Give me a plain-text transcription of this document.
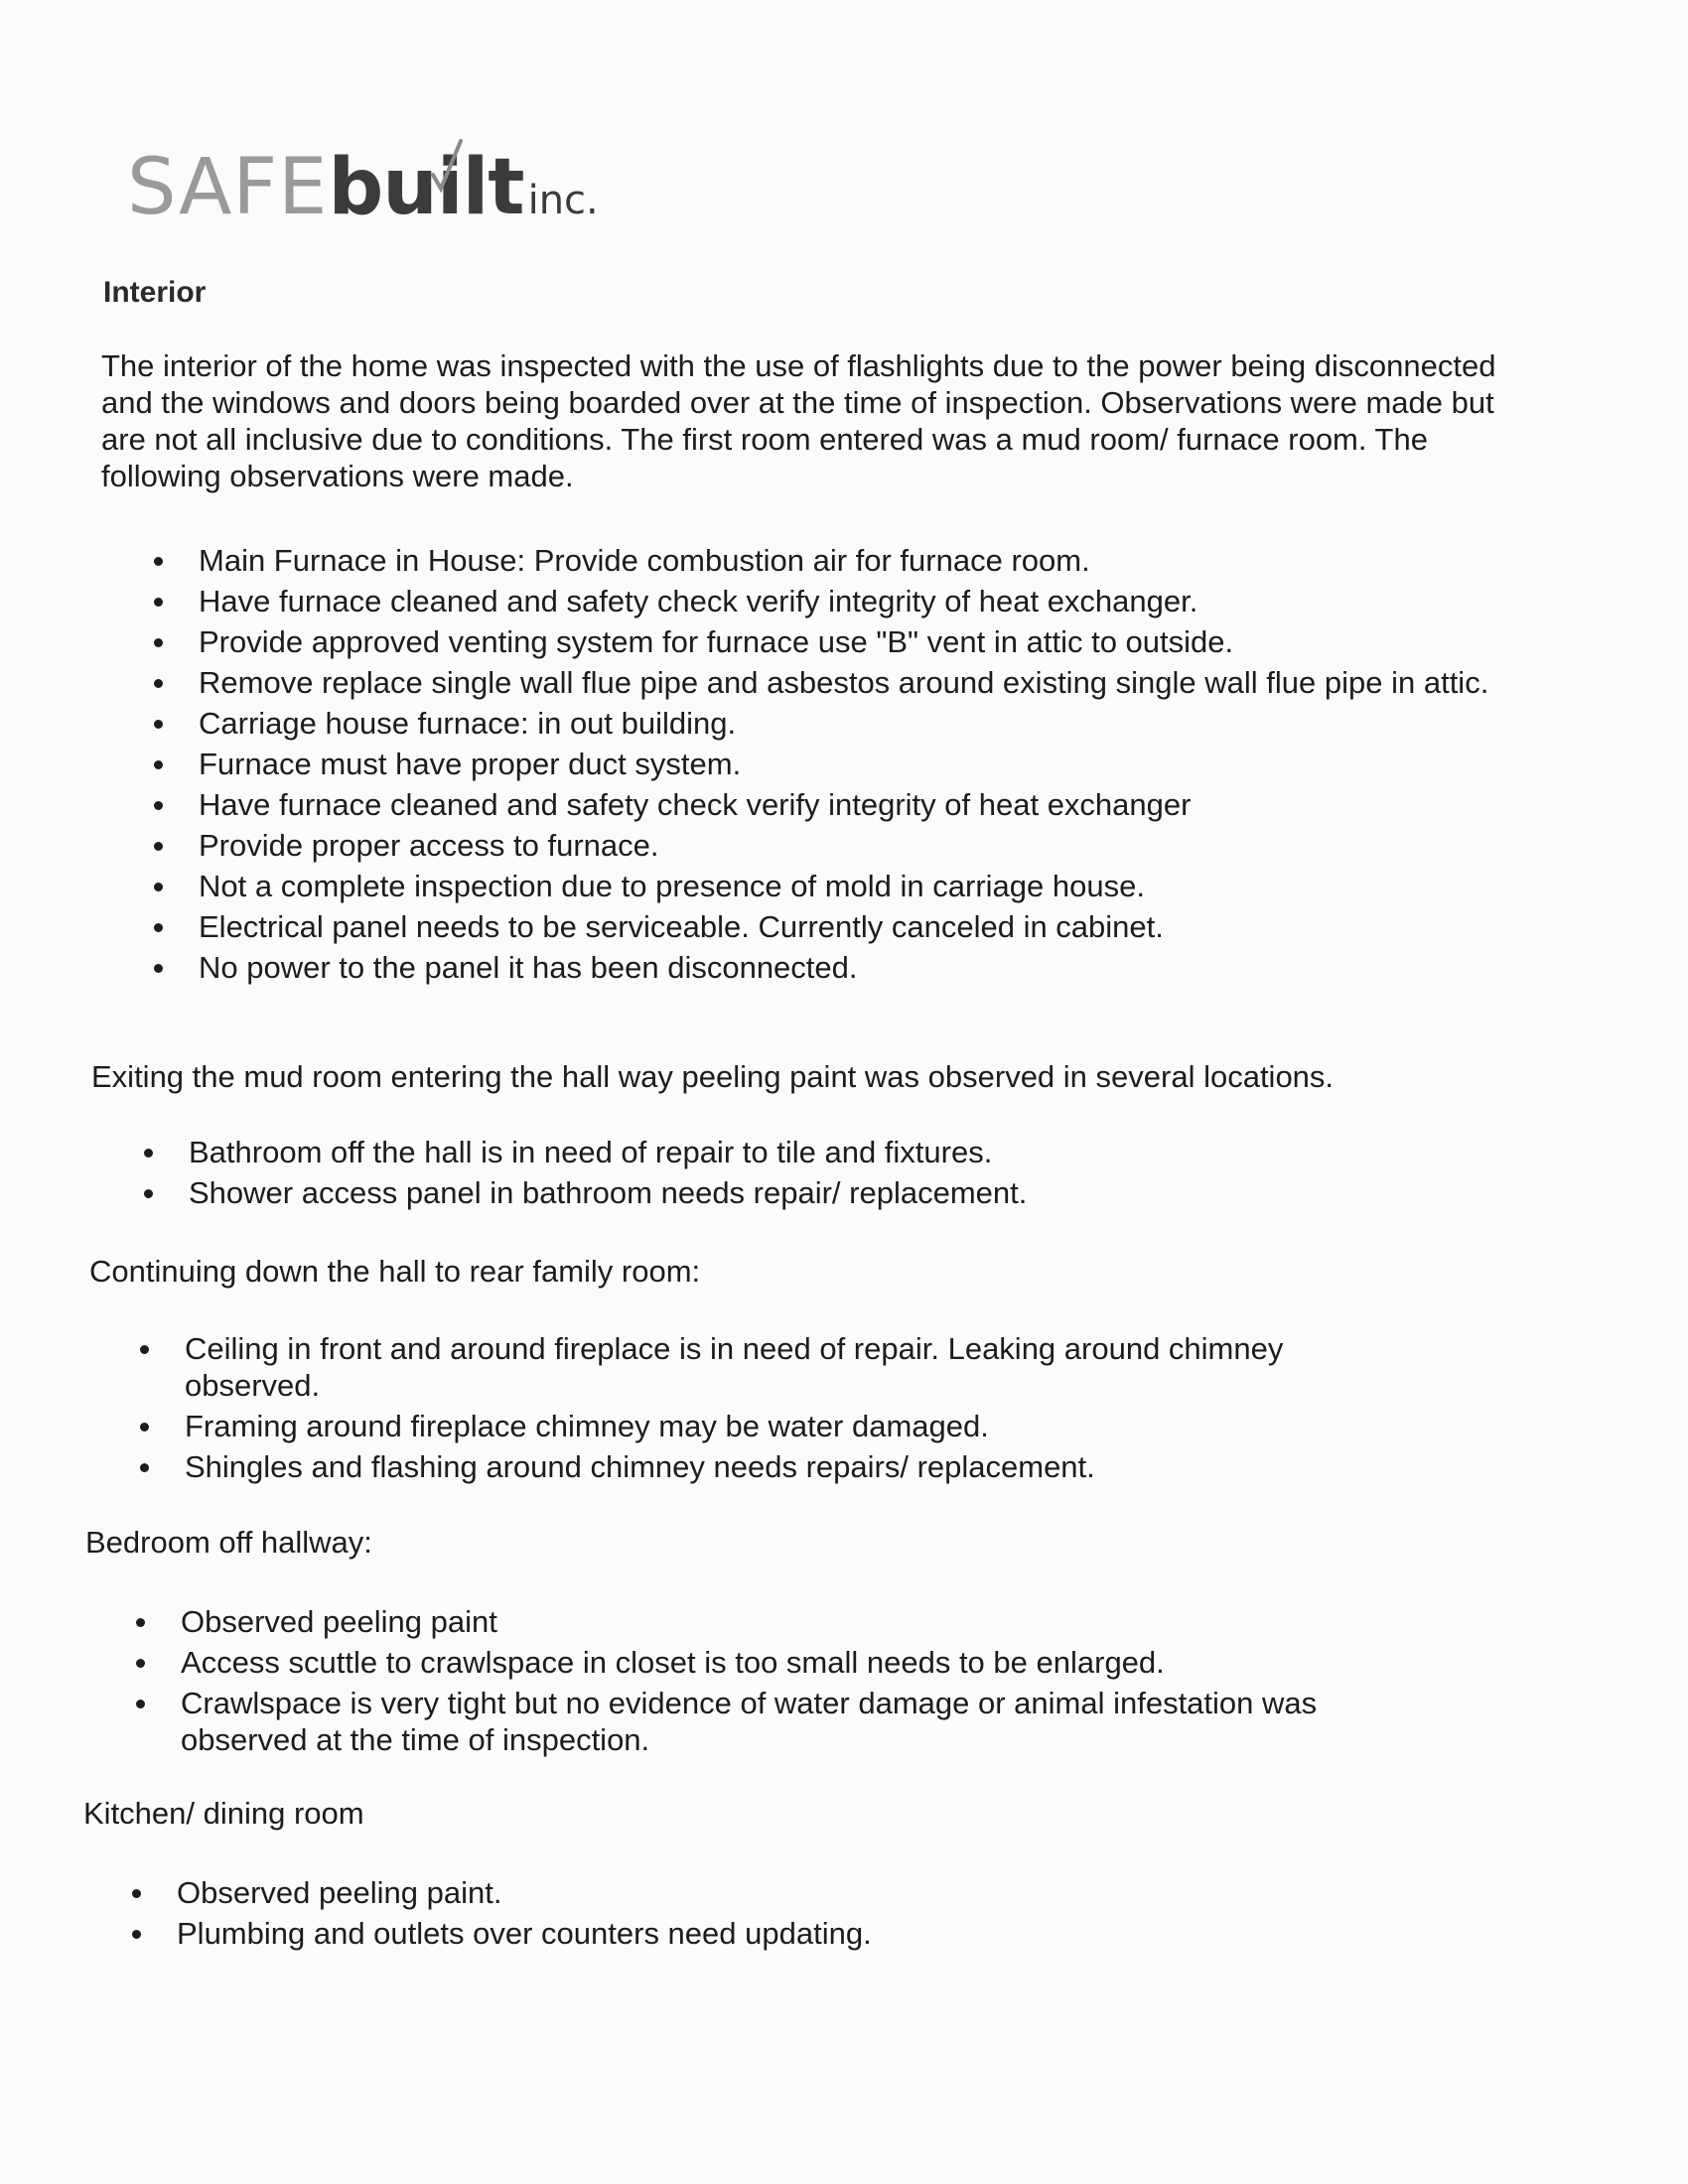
SAFEbuilt inc.
Interior

The interior of the home was inspected with the use of flashlights due to the power being disconnected and the windows and doors being boarded over at the time of inspection. Observations were made but are not all inclusive due to conditions. The first room entered was a mud room/ furnace room. The following observations were made.

Main Furnace in House: Provide combustion air for furnace room.
Have furnace cleaned and safety check verify integrity of heat exchanger.
Provide approved venting system for furnace use "B" vent in attic to outside.
Remove replace single wall flue pipe and asbestos around existing single wall flue pipe in attic.
Carriage house furnace: in out building.
Furnace must have proper duct system.
Have furnace cleaned and safety check verify integrity of heat exchanger
Provide proper access to furnace.
Not a complete inspection due to presence of mold in carriage house.
Electrical panel needs to be serviceable. Currently canceled in cabinet.
No power to the panel it has been disconnected.

Exiting the mud room entering the hall way peeling paint was observed in several locations.

Bathroom off the hall is in need of repair to tile and fixtures.
Shower access panel in bathroom needs repair/ replacement.

Continuing down the hall to rear family room:

Ceiling in front and around fireplace is in need of repair. Leaking around chimney observed.
Framing around fireplace chimney may be water damaged.
Shingles and flashing around chimney needs repairs/ replacement.

Bedroom off hallway:

Observed peeling paint
Access scuttle to crawlspace in closet is too small needs to be enlarged.
Crawlspace is very tight but no evidence of water damage or animal infestation was observed at the time of inspection.

Kitchen/ dining room

Observed peeling paint.
Plumbing and outlets over counters need updating.
